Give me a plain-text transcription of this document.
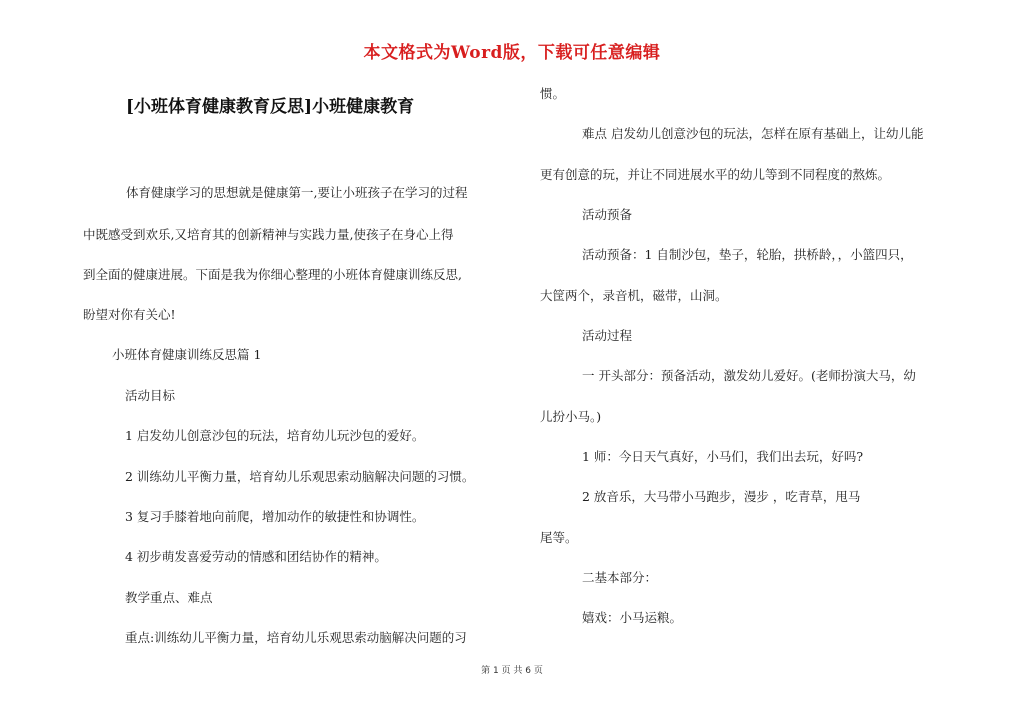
本文格式为Word版，下载可任意编辑
[小班体育健康教育反思]小班健康教育
体育健康学习的思想就是健康第一,要让小班孩子在学习的过程
中既感受到欢乐,又培育其的创新精神与实践力量,使孩子在身心上得
到全面的健康进展。下面是我为你细心整理的小班体育健康训练反思,
盼望对你有关心!
小班体育健康训练反思篇 1
活动目标
1 启发幼儿创意沙包的玩法，培育幼儿玩沙包的爱好。
2 训练幼儿平衡力量，培育幼儿乐观思索动脑解决问题的习惯。
3 复习手膝着地向前爬，增加动作的敏捷性和协调性。
4 初步萌发喜爱劳动的情感和团结协作的精神。
教学重点、难点
重点:训练幼儿平衡力量，培育幼儿乐观思索动脑解决问题的习
惯。
难点 启发幼儿创意沙包的玩法，怎样在原有基础上，让幼儿能
更有创意的玩，并让不同进展水平的幼儿等到不同程度的熬炼。
活动预备
活动预备：1 自制沙包，垫子，轮胎，拱桥龄，，小篮四只，
大筐两个，录音机，磁带，山洞。
活动过程
一 开头部分：预备活动，激发幼儿爱好。(老师扮演大马，幼
儿扮小马。)
1 师：今日天气真好，小马们，我们出去玩，好吗?
2 放音乐，大马带小马跑步，漫步 ，吃青草，甩马
尾等。
二基本部分：
嬉戏：小马运粮。
第 1 页 共 6 页
